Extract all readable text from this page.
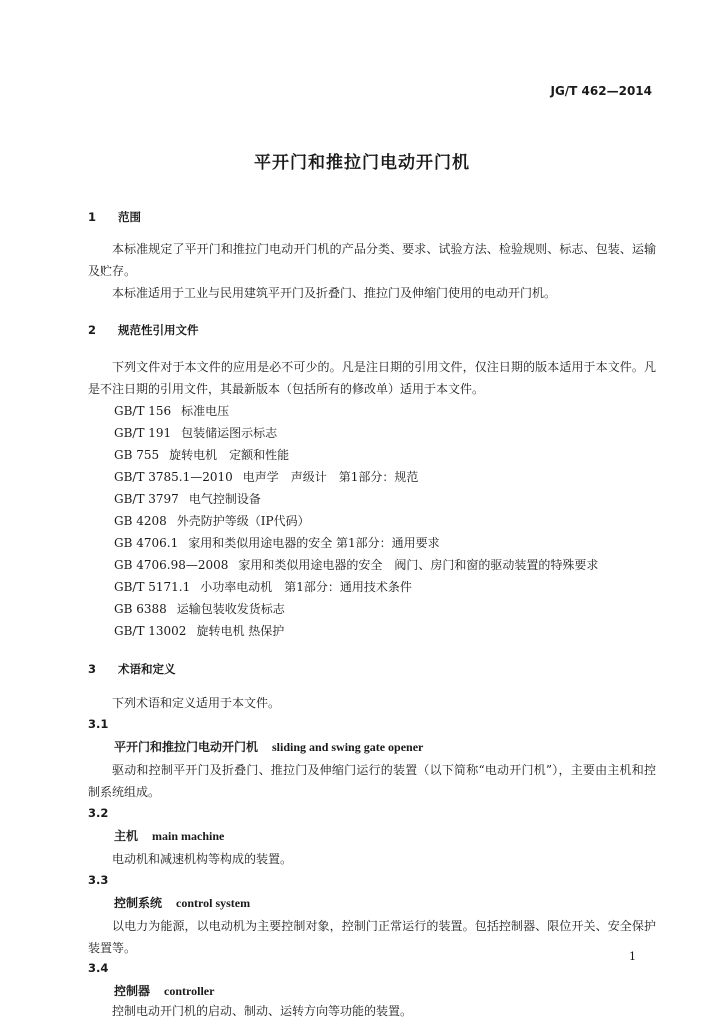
JG/T 462—2014
平开门和推拉门电动开门机
1 范围
本标准规定了平开门和推拉门电动开门机的产品分类、要求、试验方法、检验规则、标志、包装、运输及贮存。
本标准适用于工业与民用建筑平开门及折叠门、推拉门及伸缩门使用的电动开门机。
2 规范性引用文件
下列文件对于本文件的应用是必不可少的。凡是注日期的引用文件，仅注日期的版本适用于本文件。凡是不注日期的引用文件，其最新版本（包括所有的修改单）适用于本文件。
GB/T 156 标准电压
GB/T 191 包装储运图示标志
GB 755 旋转电机　定额和性能
GB/T 3785.1—2010 电声学　声级计　第1部分：规范
GB/T 3797 电气控制设备
GB 4208 外壳防护等级（IP代码）
GB 4706.1 家用和类似用途电器的安全 第1部分：通用要求
GB 4706.98—2008 家用和类似用途电器的安全　阀门、房门和窗的驱动装置的特殊要求
GB/T 5171.1 小功率电动机　第1部分：通用技术条件
GB 6388 运输包装收发货标志
GB/T 13002 旋转电机 热保护
3 术语和定义
下列术语和定义适用于本文件。
3.1
平开门和推拉门电动开门机 sliding and swing gate opener
驱动和控制平开门及折叠门、推拉门及伸缩门运行的装置（以下简称“电动开门机”），主要由主机和控制系统组成。
3.2
主机 main machine
电动机和减速机构等构成的装置。
3.3
控制系统 control system
以电力为能源，以电动机为主要控制对象，控制门正常运行的装置。包括控制器、限位开关、安全保护装置等。
3.4
控制器 controller
控制电动开门机的启动、制动、运转方向等功能的装置。
1
